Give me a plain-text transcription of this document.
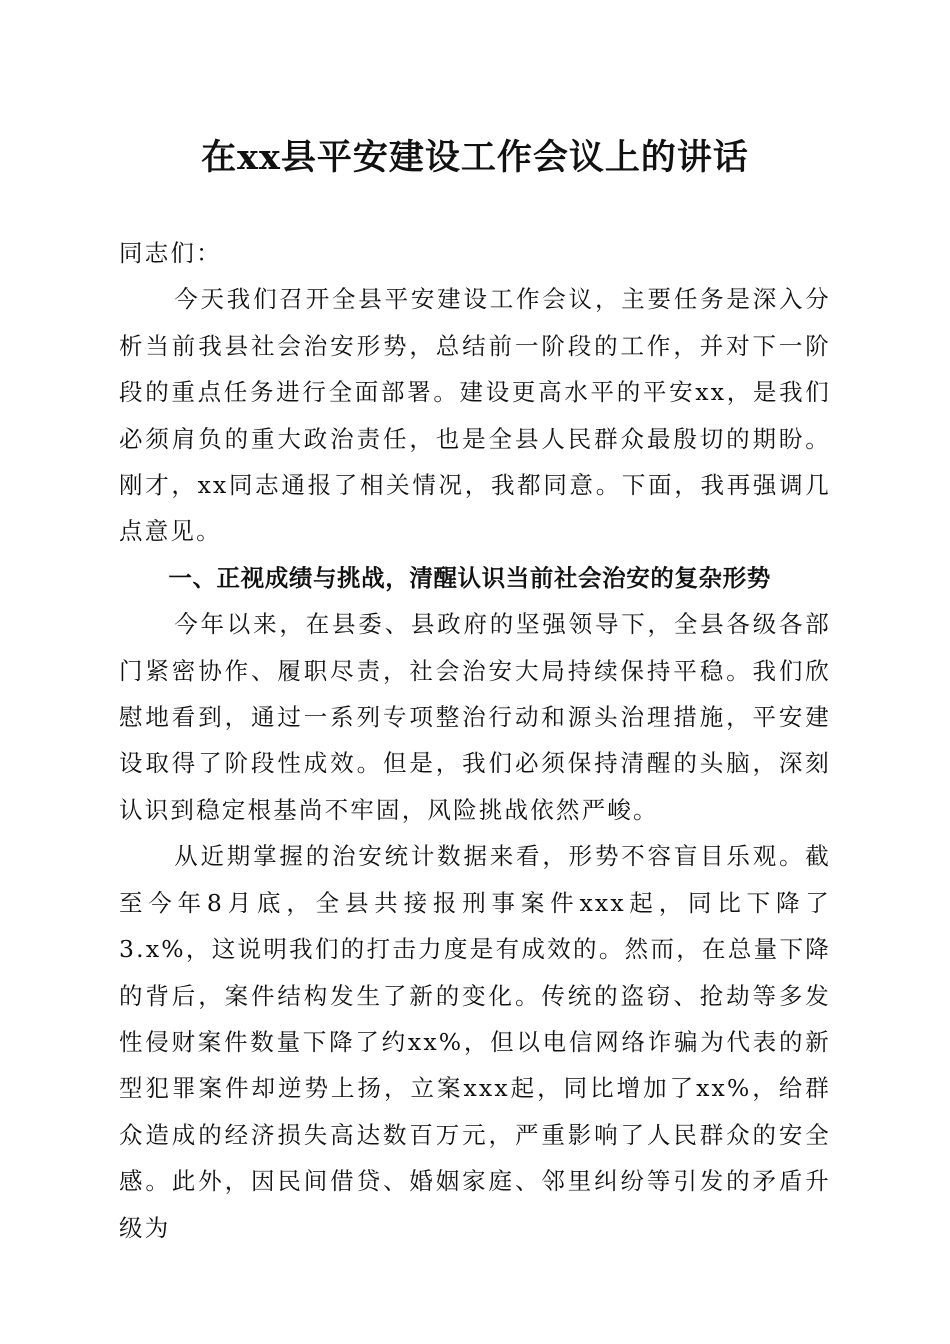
在xx县平安建设工作会议上的讲话

同志们：

今天我们召开全县平安建设工作会议，主要任务是深入分析当前我县社会治安形势，总结前一阶段的工作，并对下一阶段的重点任务进行全面部署。建设更高水平的平安xx，是我们必须肩负的重大政治责任，也是全县人民群众最殷切的期盼。刚才，xx同志通报了相关情况，我都同意。下面，我再强调几点意见。

一、正视成绩与挑战，清醒认识当前社会治安的复杂形势

今年以来，在县委、县政府的坚强领导下，全县各级各部门紧密协作、履职尽责，社会治安大局持续保持平稳。我们欣慰地看到，通过一系列专项整治行动和源头治理措施，平安建设取得了阶段性成效。但是，我们必须保持清醒的头脑，深刻认识到稳定根基尚不牢固，风险挑战依然严峻。

从近期掌握的治安统计数据来看，形势不容盲目乐观。截至今年8月底，全县共接报刑事案件xxx起，同比下降了3.x%，这说明我们的打击力度是有成效的。然而，在总量下降的背后，案件结构发生了新的变化。传统的盗窃、抢劫等多发性侵财案件数量下降了约xx%，但以电信网络诈骗为代表的新型犯罪案件却逆势上扬，立案xxx起，同比增加了xx%，给群众造成的经济损失高达数百万元，严重影响了人民群众的安全感。此外，因民间借贷、婚姻家庭、邻里纠纷等引发的矛盾升级为
